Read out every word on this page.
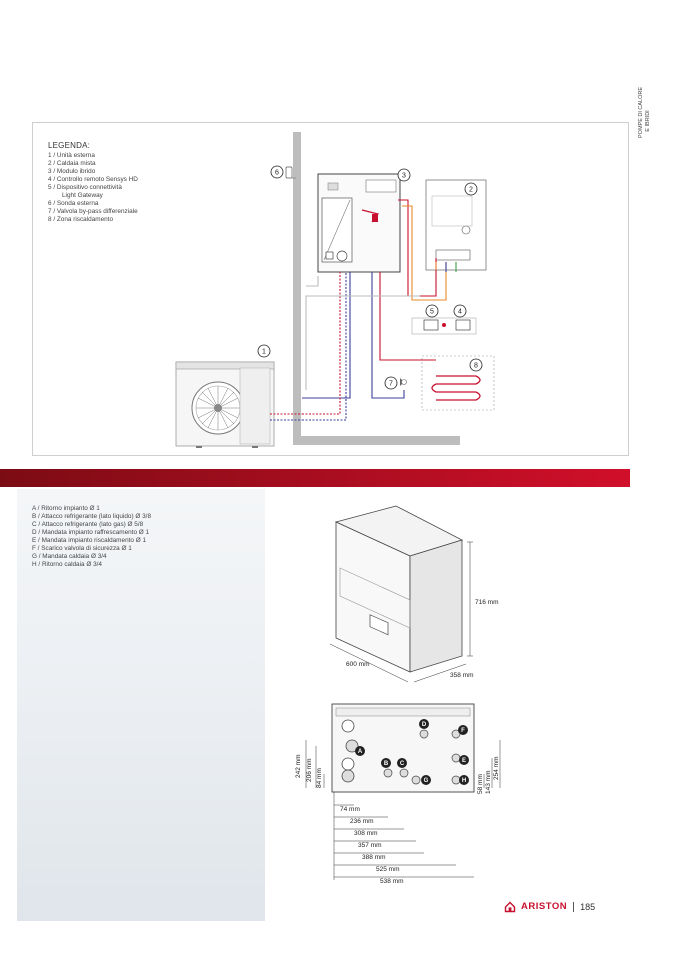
POMPE DI CALORE E IBRIDI
LEGENDA:
1 / Unità esterna
2 / Caldaia mista
3 / Modulo ibrido
4 / Controllo remoto Sensys HD
5 / Dispositivo connettività
Light Gateway
6 / Sonda esterna
7 / Valvola by-pass differenziale
8 / Zona riscaldamento
1
2
3
4
5
6
7
8
A / Ritorno impianto Ø 1
B / Attacco refrigerante (lato liquido) Ø 3/8
C / Attacco refrigerante (lato gas) Ø 5/8
D / Mandata impianto raffrescamento Ø 1
E / Mandata impianto riscaldamento Ø 1
F / Scarico valvola di sicurezza Ø 1
G / Mandata caldaia Ø 3/4
H / Ritorno caldaia Ø 3/4
716 mm
600 mm
358 mm
242 mm 206 mm 84 mm	58 mm 143 mm
254 mm
74 mm
236 mm
308 mm
357 mm
388 mm
525 mm
538 mm
A
B C
D
E
F
G	H
ARISTON 185
